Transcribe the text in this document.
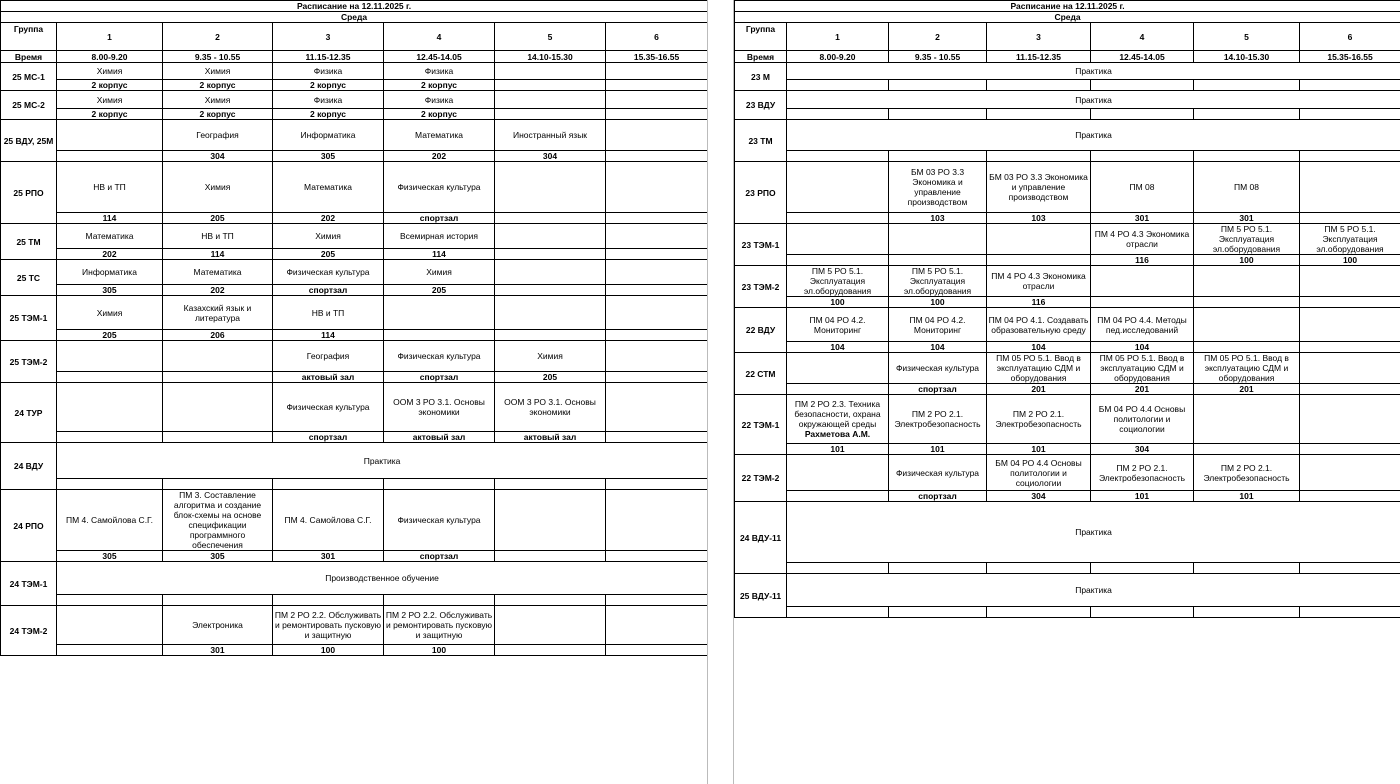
Расписание на 12.11.2025 г.						
Среда						
Группа	1	2	3	4	5	6
Время	8.00-9.20	9.35 - 10.55	11.15-12.35	12.45-14.05	14.10-15.30	15.35-16.55
25 МС-1	Химия	Химия	Физика	Физика		
	2 корпус	2 корпус	2 корпус	2 корпус		
25 МС-2	Химия	Химия	Физика	Физика		
	2 корпус	2 корпус	2 корпус	2 корпус		
25 ВДУ, 25М		География	Информатика	Математика	Иностранный язык	
		304	305	202	304	
25 РПО	НВ и ТП	Химия	Математика	Физическая культура		
	114	205	202	спортзал		
25 ТМ	Математика	НВ и ТП	Химия	Всемирная история		
	202	114	205	114		
25 ТС	Информатика	Математика	Физическая культура	Химия		
	305	202	спортзал	205		
25 ТЭМ-1	Химия	Казахский язык и литература	НВ и ТП			
	205	206	114			
25 ТЭМ-2			География	Физическая культура	Химия	
			актовый зал	спортзал	205	
24 ТУР			Физическая культура	ООМ 3 РО 3.1. Основы экономики	ООМ 3 РО 3.1. Основы экономики	
			спортзал	актовый зал	актовый зал	
24 ВДУ	Практика					

24 РПО	ПМ 4. Самойлова С.Г.	ПМ 3. Составление алгоритма и создание блок-схемы на основе спецификации программного обеспечения	ПМ 4. Самойлова С.Г.	Физическая культура		
	305	305	301	спортзал		
24 ТЭМ-1	Производственное обучение					

24 ТЭМ-2		Электроника	ПМ 2 РО 2.2. Обслуживать и ремонтировать пусковую и защитную	ПМ 2 РО 2.2. Обслуживать и ремонтировать пусковую и защитную		
		301	100	100		
Расписание на 12.11.2025 г.						
Среда						
Группа	1	2	3	4	5	6
Время	8.00-9.20	9.35 - 10.55	11.15-12.35	12.45-14.05	14.10-15.30	15.35-16.55
23 М	Практика					

23 ВДУ	Практика					

23 ТМ	Практика					

23 РПО		БМ 03 РО 3.3 Экономика и управление производством	БМ 03 РО 3.3 Экономика и управление производством	ПМ 08	ПМ 08	
		103	103	301	301	
23 ТЭМ-1				ПМ 4 РО 4.3 Экономика отрасли	ПМ 5 РО 5.1. Эксплуатация эл.оборудования	ПМ 5 РО 5.1. Эксплуатация эл.оборудования
				116	100	100
23 ТЭМ-2	ПМ 5 РО 5.1. Эксплуатация эл.оборудования	ПМ 5 РО 5.1. Эксплуатация эл.оборудования	ПМ 4 РО 4.3 Экономика отрасли			
	100	100	116			
22 ВДУ	ПМ 04 РО 4.2. Мониторинг	ПМ 04 РО 4.2. Мониторинг	ПМ 04 РО 4.1. Создавать образовательную среду	ПМ 04 РО 4.4. Методы пед.исследований		
	104	104	104	104		
22 СТМ		Физическая культура	ПМ 05 РО 5.1. Ввод в эксплуатацию СДМ и оборудования	ПМ 05 РО 5.1. Ввод в эксплуатацию СДМ и оборудования	ПМ 05 РО 5.1. Ввод в эксплуатацию СДМ и оборудования	
		спортзал	201	201	201	
22 ТЭМ-1	ПМ 2 РО 2.3. Техника безопасности, охрана окружающей среды
Рахметова А.М.	ПМ 2 РО 2.1. Электробезопасность	ПМ 2 РО 2.1. Электробезопасность	БМ 04 РО 4.4 Основы политологии и социологии		
	101	101	101	304		
22 ТЭМ-2		Физическая культура	БМ 04 РО 4.4 Основы политологии и социологии	ПМ 2 РО 2.1. Электробезопасность	ПМ 2 РО 2.1. Электробезопасность	
		спортзал	304	101	101	
24 ВДУ-11	Практика					

25 ВДУ-11	Практика					
